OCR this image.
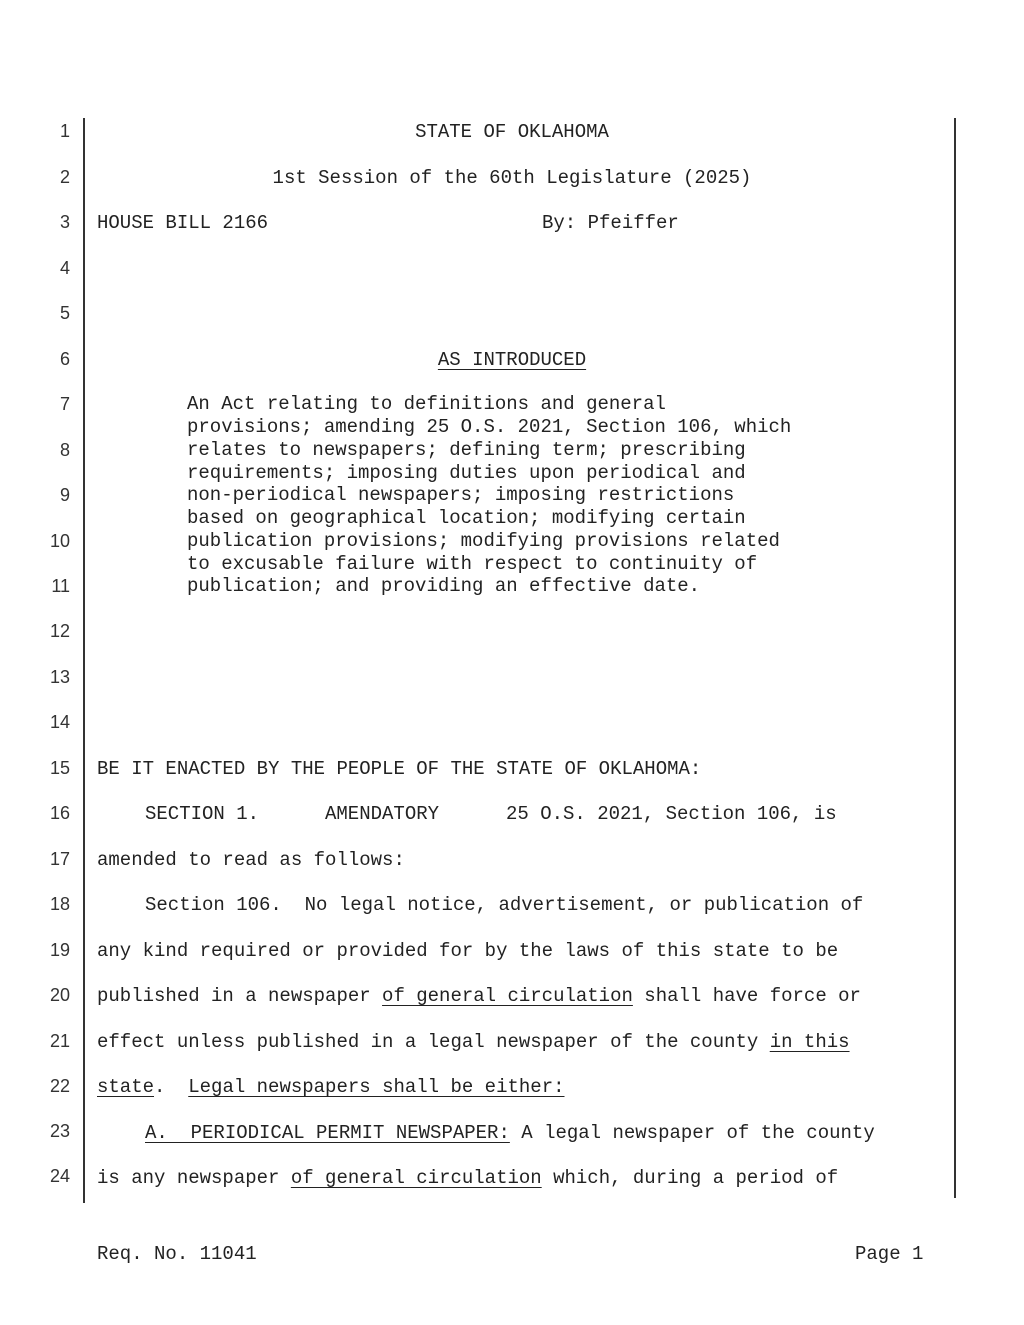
1
2
3
4
5
6
7
8
9
10
11
12
13
14
15
16
17
18
19
20
21
22
23
24
STATE OF OKLAHOMA
1st Session of the 60th Legislature (2025)
HOUSE BILL 2166	By: Pfeiffer
AS INTRODUCED
An Act relating to definitions and general
provisions; amending 25 O.S. 2021, Section 106, which
relates to newspapers; defining term; prescribing
requirements; imposing duties upon periodical and
non-periodical newspapers; imposing restrictions
based on geographical location; modifying certain
publication provisions; modifying provisions related
to excusable failure with respect to continuity of
publication; and providing an effective date.
BE IT ENACTED BY THE PEOPLE OF THE STATE OF OKLAHOMA:
SECTION 1.	AMENDATORY	25 O.S. 2021, Section 106, is
amended to read as follows:
Section 106.  No legal notice, advertisement, or publication of
any kind required or provided for by the laws of this state to be
published in a newspaper of general circulation shall have force or
effect unless published in a legal newspaper of the county in this
state.  Legal newspapers shall be either:
A.  PERIODICAL PERMIT NEWSPAPER: A legal newspaper of the county
is any newspaper of general circulation which, during a period of
Req. No. 11041	Page 1
